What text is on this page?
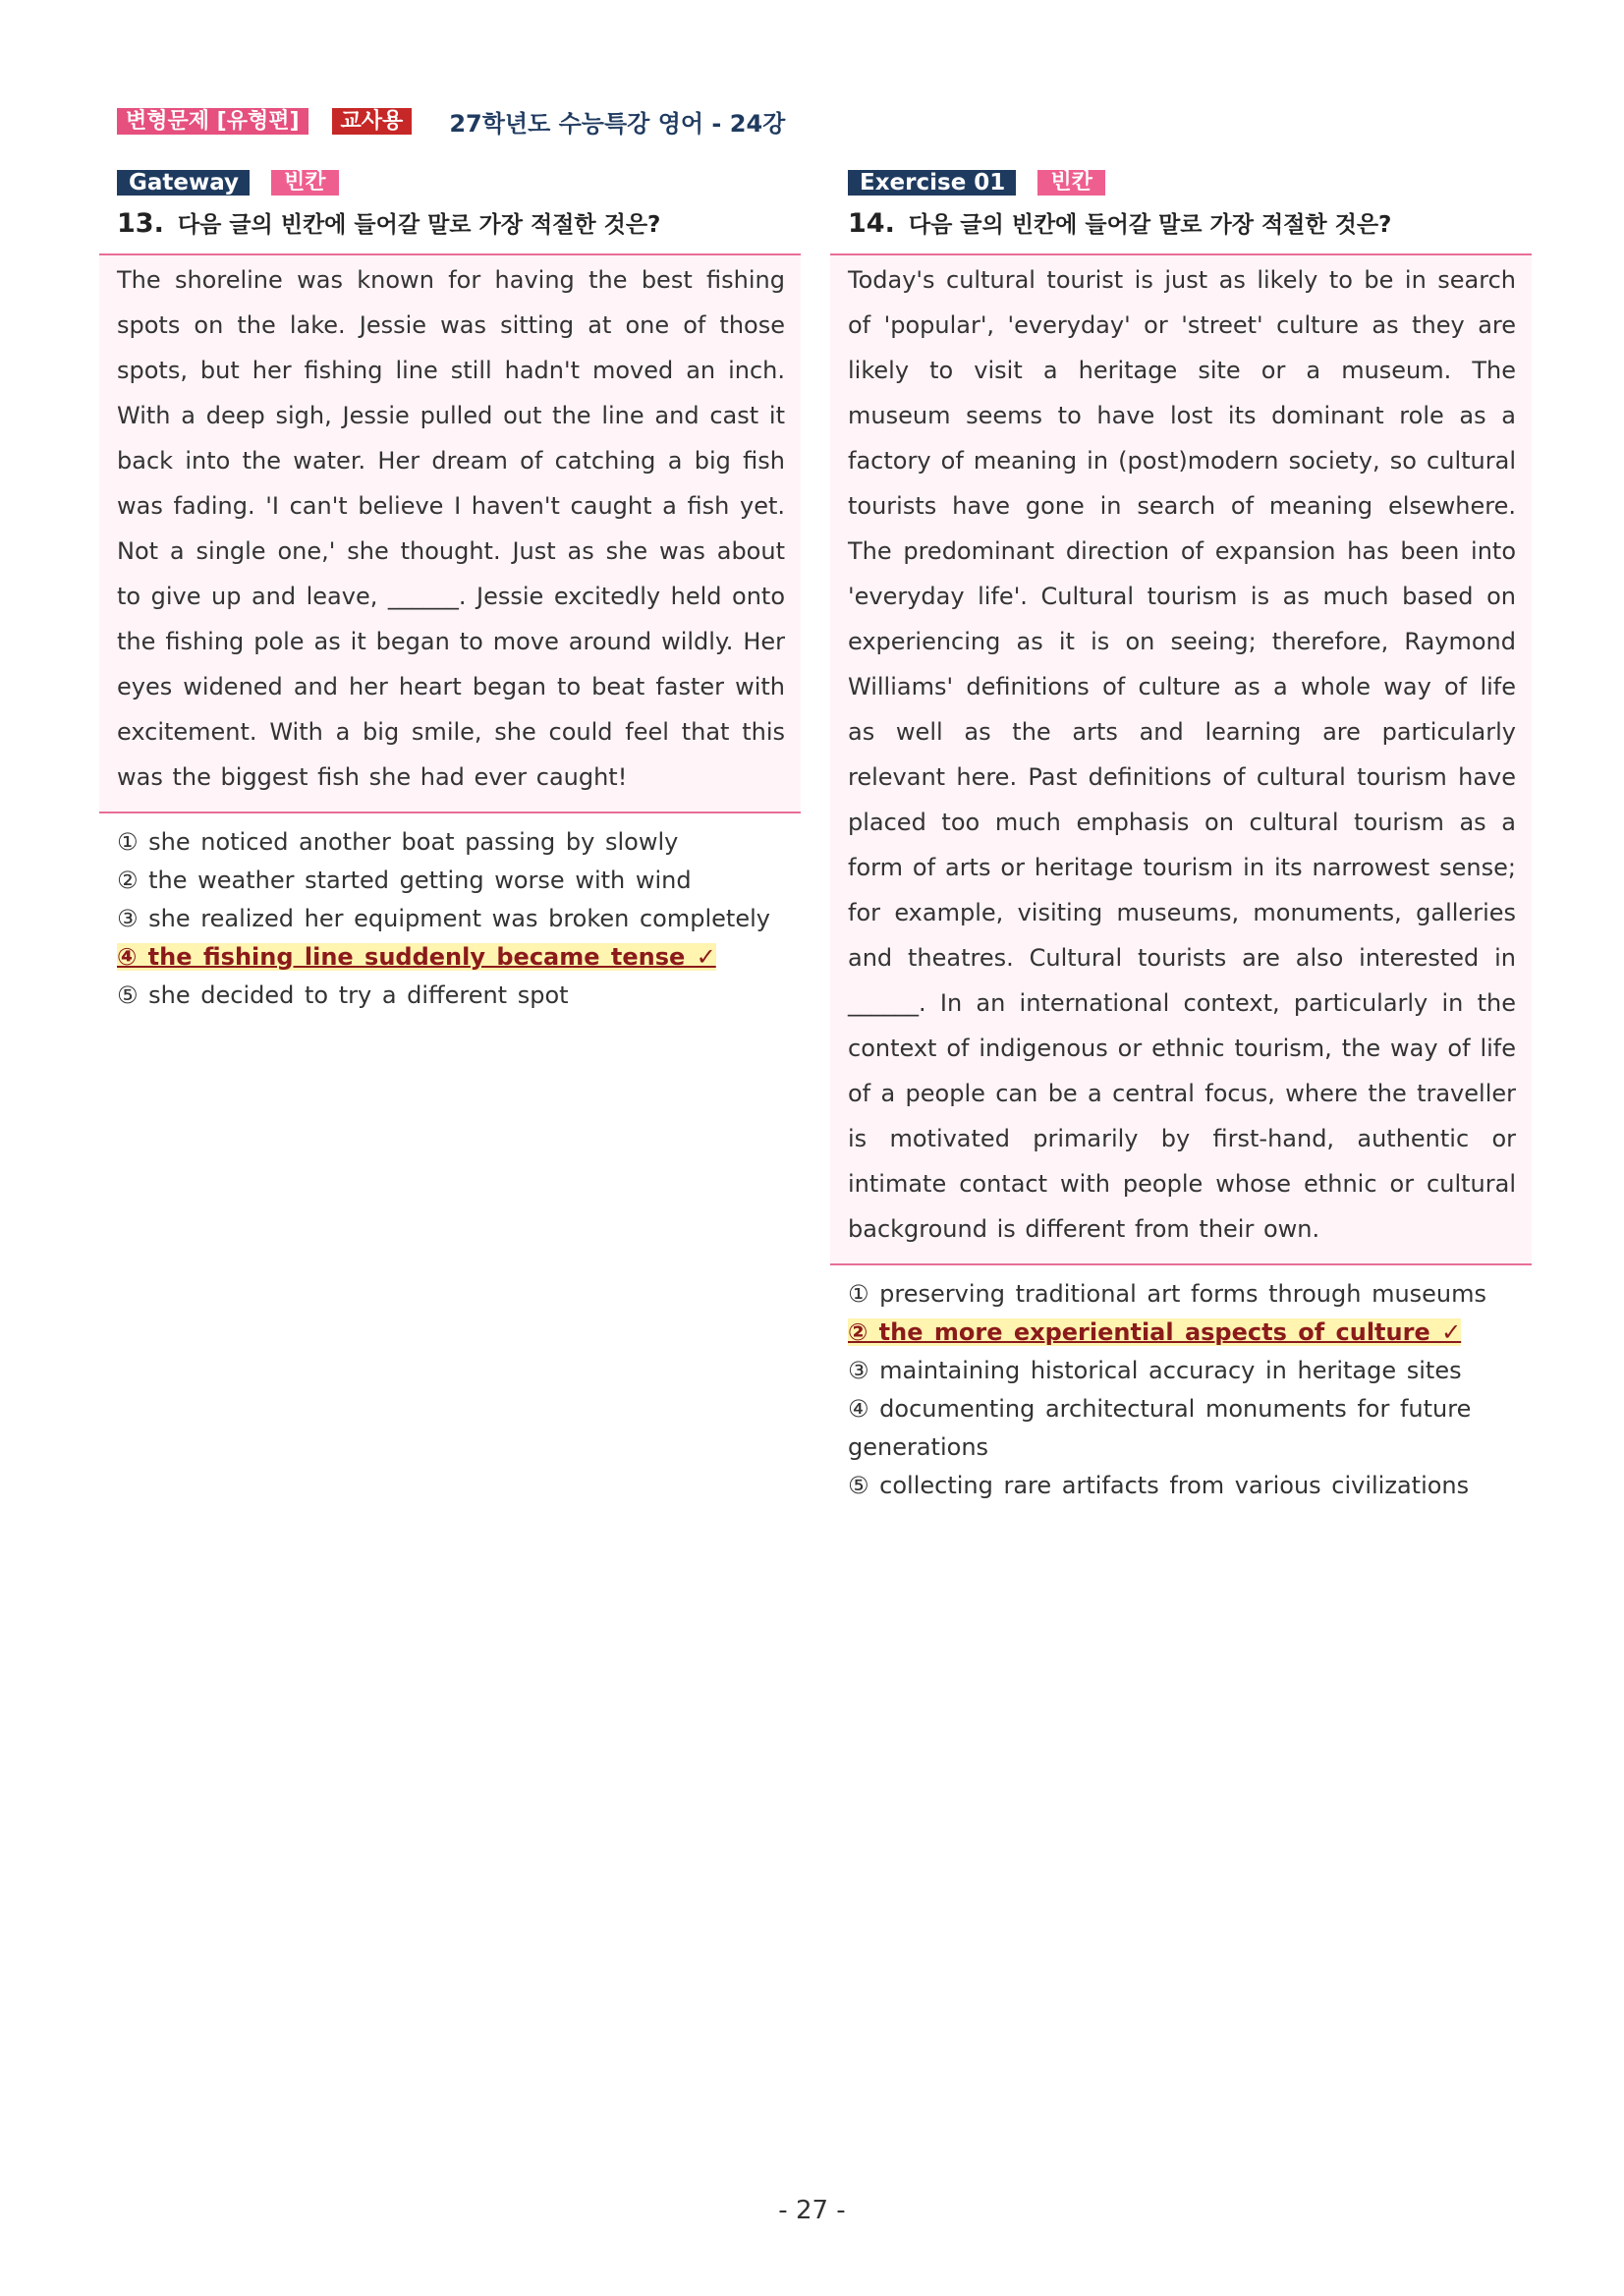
변형문제 [유형편]	교사용	27학년도 수능특강 영어 - 24강
Gateway	빈칸
13. 다음 글의 빈칸에 들어갈 말로 가장 적절한 것은?
The shoreline was known for having the best fishing spots on the lake. Jessie was sitting at one of those spots, but her fishing line still hadn't moved an inch. With a deep sigh, Jessie pulled out the line and cast it back into the water. Her dream of catching a big fish was fading. 'I can't believe I haven't caught a fish yet. Not a single one,' she thought. Just as she was about to give up and leave, ______. Jessie excitedly held onto the fishing pole as it began to move around wildly. Her eyes widened and her heart began to beat faster with excitement. With a big smile, she could feel that this was the biggest fish she had ever caught!
① she noticed another boat passing by slowly
② the weather started getting worse with wind
③ she realized her equipment was broken completely
④ the fishing line suddenly became tense ✓
⑤ she decided to try a different spot
Exercise 01	빈칸
14. 다음 글의 빈칸에 들어갈 말로 가장 적절한 것은?
Today's cultural tourist is just as likely to be in search of 'popular', 'everyday' or 'street' culture as they are likely to visit a heritage site or a museum. The museum seems to have lost its dominant role as a factory of meaning in (post)modern society, so cultural tourists have gone in search of meaning elsewhere. The predominant direction of expansion has been into 'everyday life'. Cultural tourism is as much based on experiencing as it is on seeing; therefore, Raymond Williams' definitions of culture as a whole way of life as well as the arts and learning are particularly relevant here. Past definitions of cultural tourism have placed too much emphasis on cultural tourism as a form of arts or heritage tourism in its narrowest sense; for example, visiting museums, monuments, galleries and theatres. Cultural tourists are also interested in ______. In an international context, particularly in the context of indigenous or ethnic tourism, the way of life of a people can be a central focus, where the traveller is motivated primarily by first-hand, authentic or intimate contact with people whose ethnic or cultural background is different from their own.
① preserving traditional art forms through museums
② the more experiential aspects of culture ✓
③ maintaining historical accuracy in heritage sites
④ documenting architectural monuments for future generations
⑤ collecting rare artifacts from various civilizations
- 27 -
